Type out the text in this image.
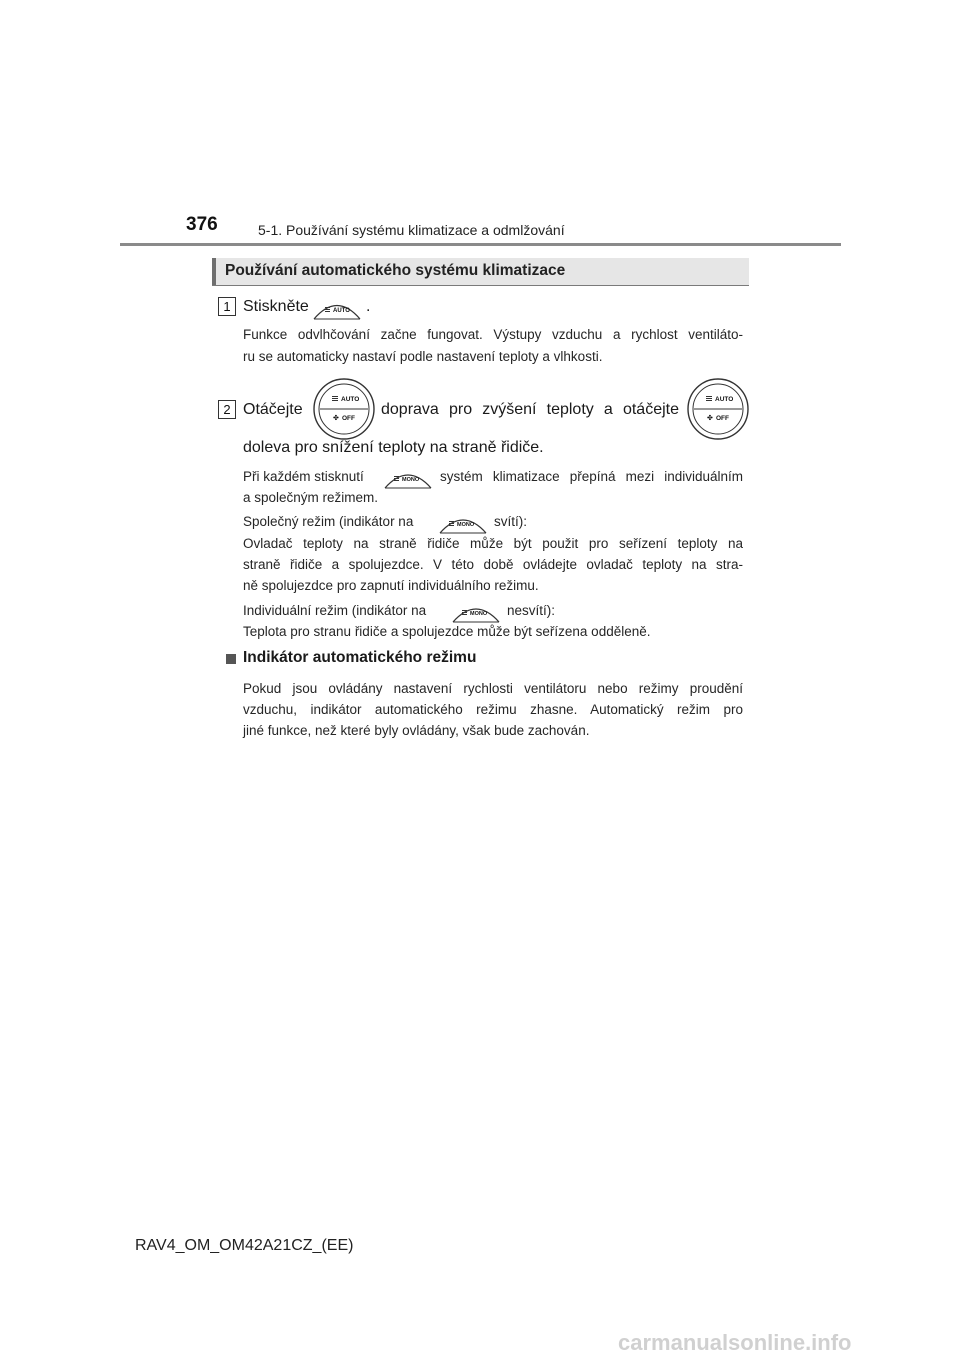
376	5-1. Používání systému klimatizace a odmlžování
Používání automatického systému klimatizace
1 Stiskněte	AUTO .
Funkce odvlhčování začne fungovat. Výstupy vzduchu a rychlost ventiláto-
ru se automaticky nastaví podle nastavení teploty a vlhkosti.
2 Otáčejte
AUTO
✤ OFF
doprava pro zvýšení teploty a otáčejte
AUTO
✤ OFF
doleva pro snížení teploty na straně řidiče.
Při každém stisknutí	MONO systém klimatizace přepíná mezi individuálním
a společným režimem.
Společný režim (indikátor na	MONO svítí):
Ovladač teploty na straně řidiče může být použit pro seřízení teploty na
straně řidiče a spolujezdce. V této době ovládejte ovladač teploty na stra-
ně spolujezdce pro zapnutí individuálního režimu.
Individuální režim (indikátor na	MONO nesvítí):
Teplota pro stranu řidiče a spolujezdce může být seřízena odděleně.
Indikátor automatického režimu
Pokud jsou ovládány nastavení rychlosti ventilátoru nebo režimy proudění
vzduchu, indikátor automatického režimu zhasne. Automatický režim pro
jiné funkce, než které byly ovládány, však bude zachován.
RAV4_OM_OM42A21CZ_(EE)
carmanualsonline.info
